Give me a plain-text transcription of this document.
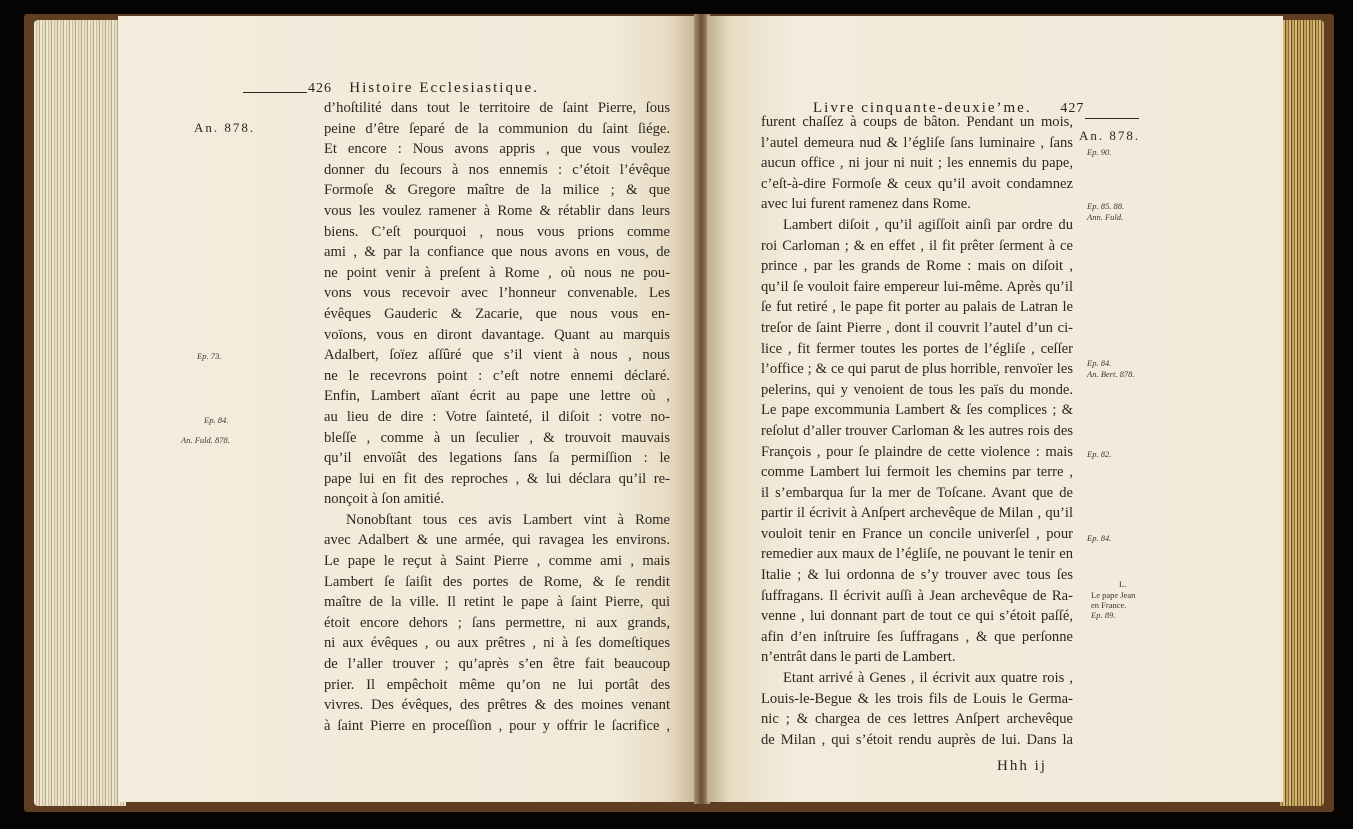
426 Histoire Ecclesiastique.
An. 878.
Ep. 73.
Ep. 84.
An. Fuld. 878.
d’hoſtilité dans tout le territoire de ſaint Pierre, ſous
peine d’être ſeparé de la communion du ſaint ſiége.
Et encore : Nous avons appris , que vous voulez
donner du ſecours à nos ennemis : c’étoit l’évêque
Formoſe & Gregore maître de la milice ; & que
vous les voulez ramener à Rome & rétablir dans leurs
biens. C’eſt pourquoi , nous vous prions comme
ami , & par la confiance que nous avons en vous, de
ne point venir à preſent à Rome , où nous ne pou-
vons vous recevoir avec l’honneur convenable. Les
évêques Gauderic & Zacarie, que nous vous en-
voïons, vous en diront davantage. Quant au marquis
Adalbert, ſoïez aſſûré que s’il vient à nous , nous
ne le recevrons point : c’eſt notre ennemi déclaré.
Enfin, Lambert aïant écrit au pape une lettre où ,
au lieu de dire : Votre ſainteté, il diſoit : votre no-
bleſſe , comme à un ſeculier , & trouvoit mauvais
qu’il envoïât des legations ſans ſa permiſſion : le
pape lui en fit des reproches , & lui déclara qu’il re-
nonçoit à ſon amitié.
Nonobſtant tous ces avis Lambert vint à Rome
avec Adalbert & une armée, qui ravagea les environs.
Le pape le reçut à Saint Pierre , comme ami , mais
Lambert ſe ſaiſit des portes de Rome, & ſe rendit
maître de la ville. Il retint le pape à ſaint Pierre, qui
étoit encore dehors ; ſans permettre, ni aux grands,
ni aux évêques , ou aux prêtres , ni à ſes domeſtiques
de l’aller trouver ; qu’après s’en être fait beaucoup
prier. Il empêchoit même qu’on ne lui portât des
vivres. Des évêques, des prêtres & des moines venant
à ſaint Pierre en proceſſion , pour y offrir le ſacrifice ,
Livre cinquante-deuxie’me. 427
An. 878.
Ep. 90.
Ep. 85. 88.
Ann. Fuld.
Ep. 84.
An. Bert. 878.
Ep. 82.
Ep. 84.
L.
Le pape Jean
en France.
Ep. 89.
furent chaſſez à coups de bâton. Pendant un mois,
l’autel demeura nud & l’égliſe ſans luminaire , ſans
aucun office , ni jour ni nuit ; les ennemis du pape,
c’eſt-à-dire Formoſe & ceux qu’il avoit condamnez
avec lui furent ramenez dans Rome.
Lambert diſoit , qu’il agiſſoit ainſi par ordre du
roi Carloman ; & en effet , il fit prêter ſerment à ce
prince , par les grands de Rome : mais on diſoit ,
qu’il ſe vouloit faire empereur lui-même. Après qu’il
ſe fut retiré , le pape fit porter au palais de Latran le
treſor de ſaint Pierre , dont il couvrit l’autel d’un ci-
lice , fit fermer toutes les portes de l’égliſe , ceſſer
l’office ; & ce qui parut de plus horrible, renvoïer les
pelerins, qui y venoient de tous les païs du monde.
Le pape excommunia Lambert & ſes complices ; &
reſolut d’aller trouver Carloman & les autres rois des
François , pour ſe plaindre de cette violence : mais
comme Lambert lui fermoit les chemins par terre ,
il s’embarqua ſur la mer de Toſcane. Avant que de
partir il écrivit à Anſpert archevêque de Milan , qu’il
vouloit tenir en France un concile univerſel , pour
remedier aux maux de l’égliſe, ne pouvant le tenir en
Italie ; & lui ordonna de s’y trouver avec tous ſes
ſuffragans. Il écrivit auſſi à Jean archevêque de Ra-
venne , lui donnant part de tout ce qui s’étoit paſſé,
afin d’en inſtruire ſes ſuffragans , & que perſonne
n’entrât dans le parti de Lambert.
Etant arrivé à Genes , il écrivit aux quatre rois ,
Louis-le-Begue & les trois fils de Louis le Germa-
nic ; & chargea de ces lettres Anſpert archevêque
de Milan , qui s’étoit rendu auprès de lui. Dans la
Hhh ij
